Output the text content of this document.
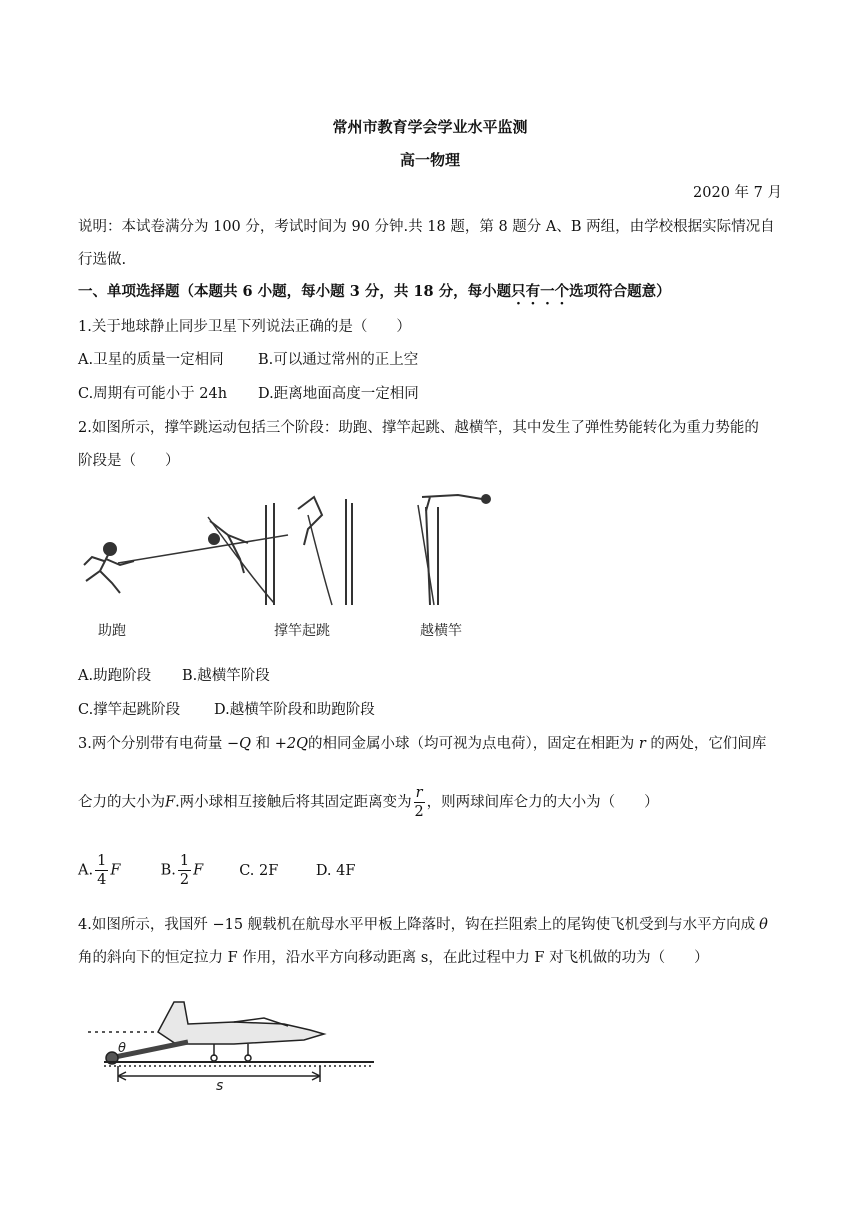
常州市教育学会学业水平监测
高一物理
2020 年 7 月
说明：本试卷满分为 100 分，考试时间为 90 分钟.共 18 题，第 8 题分 A、B 两组，由学校根据实际情况自
行选做.
一、单项选择题（本题共 6 小题，每小题 3 分，共 18 分，每小题只有一个选项符合题意）
1.关于地球静止同步卫星下列说法正确的是（　　）
A.卫星的质量一定相同 B.可以通过常州的正上空
C.周期有可能小于 24h D.距离地面高度一定相同
2.如图所示，撑竿跳运动包括三个阶段：助跑、撑竿起跳、越横竿，其中发生了弹性势能转化为重力势能的
阶段是（　　）
助跑	撑竿起跳	越横竿
A.助跑阶段 B.越横竿阶段
C.撑竿起跳阶段 D.越横竿阶段和助跑阶段
3.两个分别带有电荷量 −Q 和 +2Q的相同金属小球（均可视为点电荷），固定在相距为 r 的两处，它们间库
仑力的大小为F.两小球相互接触后将其固定距离变为 $\frac{r}{2}$ ，则两球间库仑力的大小为（　　）
A. $\frac{1}{4}$ F	B. $\frac{1}{2}$ F C. 2F	D. 4F
4.如图所示，我国歼 −15 舰载机在航母水平甲板上降落时，钩在拦阻索上的尾钩使飞机受到与水平方向成 θ
角的斜向下的恒定拉力 F 作用，沿水平方向移动距离 s，在此过程中力 F 对飞机做的功为（　　）
θ
s
